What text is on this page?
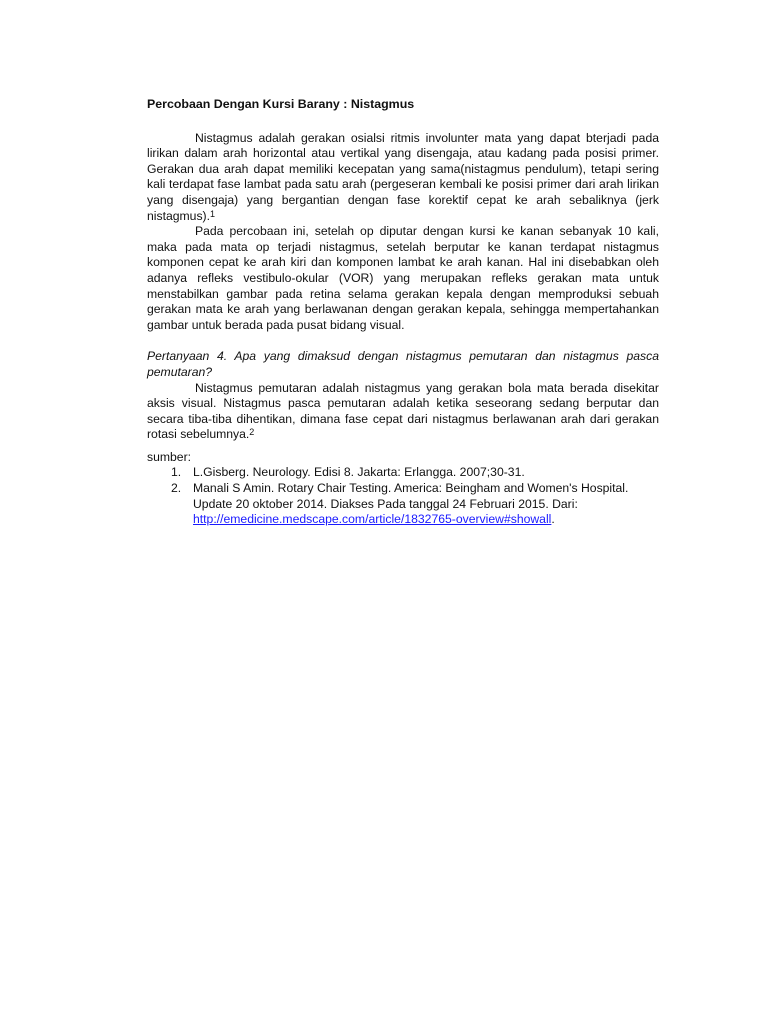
Percobaan Dengan Kursi Barany : Nistagmus

Nistagmus adalah gerakan osialsi ritmis involunter mata yang dapat bterjadi pada lirikan dalam arah horizontal atau vertikal yang disengaja, atau kadang pada posisi primer. Gerakan dua arah dapat memiliki kecepatan yang sama(nistagmus pendulum), tetapi sering kali terdapat fase lambat pada satu arah (pergeseran kembali ke posisi primer dari arah lirikan yang disengaja) yang bergantian dengan fase korektif cepat ke arah sebaliknya (jerk nistagmus).$^1$

Pada percobaan ini, setelah op diputar dengan kursi ke kanan sebanyak 10 kali, maka pada mata op terjadi nistagmus, setelah berputar ke kanan terdapat nistagmus komponen cepat ke arah kiri dan komponen lambat ke arah kanan. Hal ini disebabkan oleh adanya refleks vestibulo-okular (VOR) yang merupakan refleks gerakan mata untuk menstabilkan gambar pada retina selama gerakan kepala dengan memproduksi sebuah gerakan mata ke arah yang berlawanan dengan gerakan kepala, sehingga mempertahankan gambar untuk berada pada pusat bidang visual.

Pertanyaan 4. Apa yang dimaksud dengan nistagmus pemutaran dan nistagmus pasca pemutaran?

Nistagmus pemutaran adalah nistagmus yang gerakan bola mata berada disekitar aksis visual. Nistagmus pasca pemutaran adalah ketika seseorang sedang berputar dan secara tiba-tiba dihentikan, dimana fase cepat dari nistagmus berlawanan arah dari gerakan rotasi sebelumnya.$^2$

sumber:
1. L.Gisberg. Neurology. Edisi 8. Jakarta: Erlangga. 2007;30-31.
2. Manali S Amin. Rotary Chair Testing. America: Beingham and Women's Hospital. Update 20 oktober 2014. Diakses Pada tanggal 24 Februari 2015. Dari: http://emedicine.medscape.com/article/1832765-overview#showall.
